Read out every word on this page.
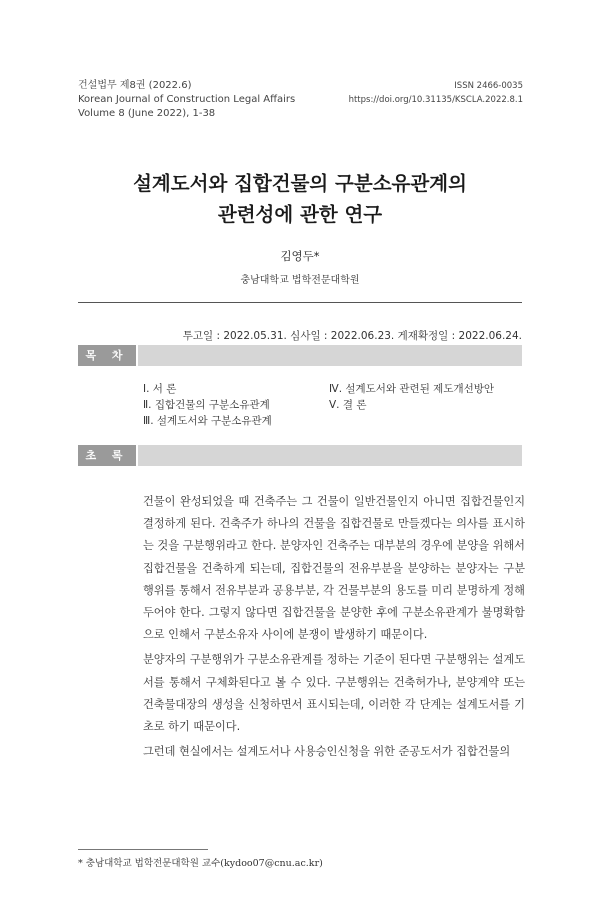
건설법무 제8권 (2022.6)
Korean Journal of Construction Legal Affairs
Volume 8 (June 2022), 1-38
ISSN 2466-0035
https://doi.org/10.31135/KSCLA.2022.8.1
설계도서와 집합건물의 구분소유관계의
관련성에 관한 연구
김영두*
충남대학교 법학전문대학원
투고일 : 2022.05.31. 심사일 : 2022.06.23. 게재확정일 : 2022.06.24.
목 차
Ⅰ. 서 론
Ⅱ. 집합건물의 구분소유관계
Ⅲ. 설계도서와 구분소유관계
Ⅳ. 설계도서와 관련된 제도개선방안
Ⅴ. 결 론
초 록

건물이 완성되었을 때 건축주는 그 건물이 일반건물인지 아니면 집합건물인지 결정하게 된다. 건축주가 하나의 건물을 집합건물로 만들겠다는 의사를 표시하는 것을 구분행위라고 한다. 분양자인 건축주는 대부분의 경우에 분양을 위해서 집합건물을 건축하게 되는데, 집합건물의 전유부분을 분양하는 분양자는 구분행위를 통해서 전유부분과 공용부분, 각 건물부분의 용도를 미리 분명하게 정해 두어야 한다. 그렇지 않다면 집합건물을 분양한 후에 구분소유관계가 불명확함으로 인해서 구분소유자 사이에 분쟁이 발생하기 때문이다.

분양자의 구분행위가 구분소유관계를 정하는 기준이 된다면 구분행위는 설계도서를 통해서 구체화된다고 볼 수 있다. 구분행위는 건축허가나, 분양계약 또는 건축물대장의 생성을 신청하면서 표시되는데, 이러한 각 단계는 설계도서를 기초로 하기 때문이다.

그런데 현실에서는 설계도서나 사용승인신청을 위한 준공도서가 집합건물의

* 충남대학교 법학전문대학원 교수(kydoo07@cnu.ac.kr)
